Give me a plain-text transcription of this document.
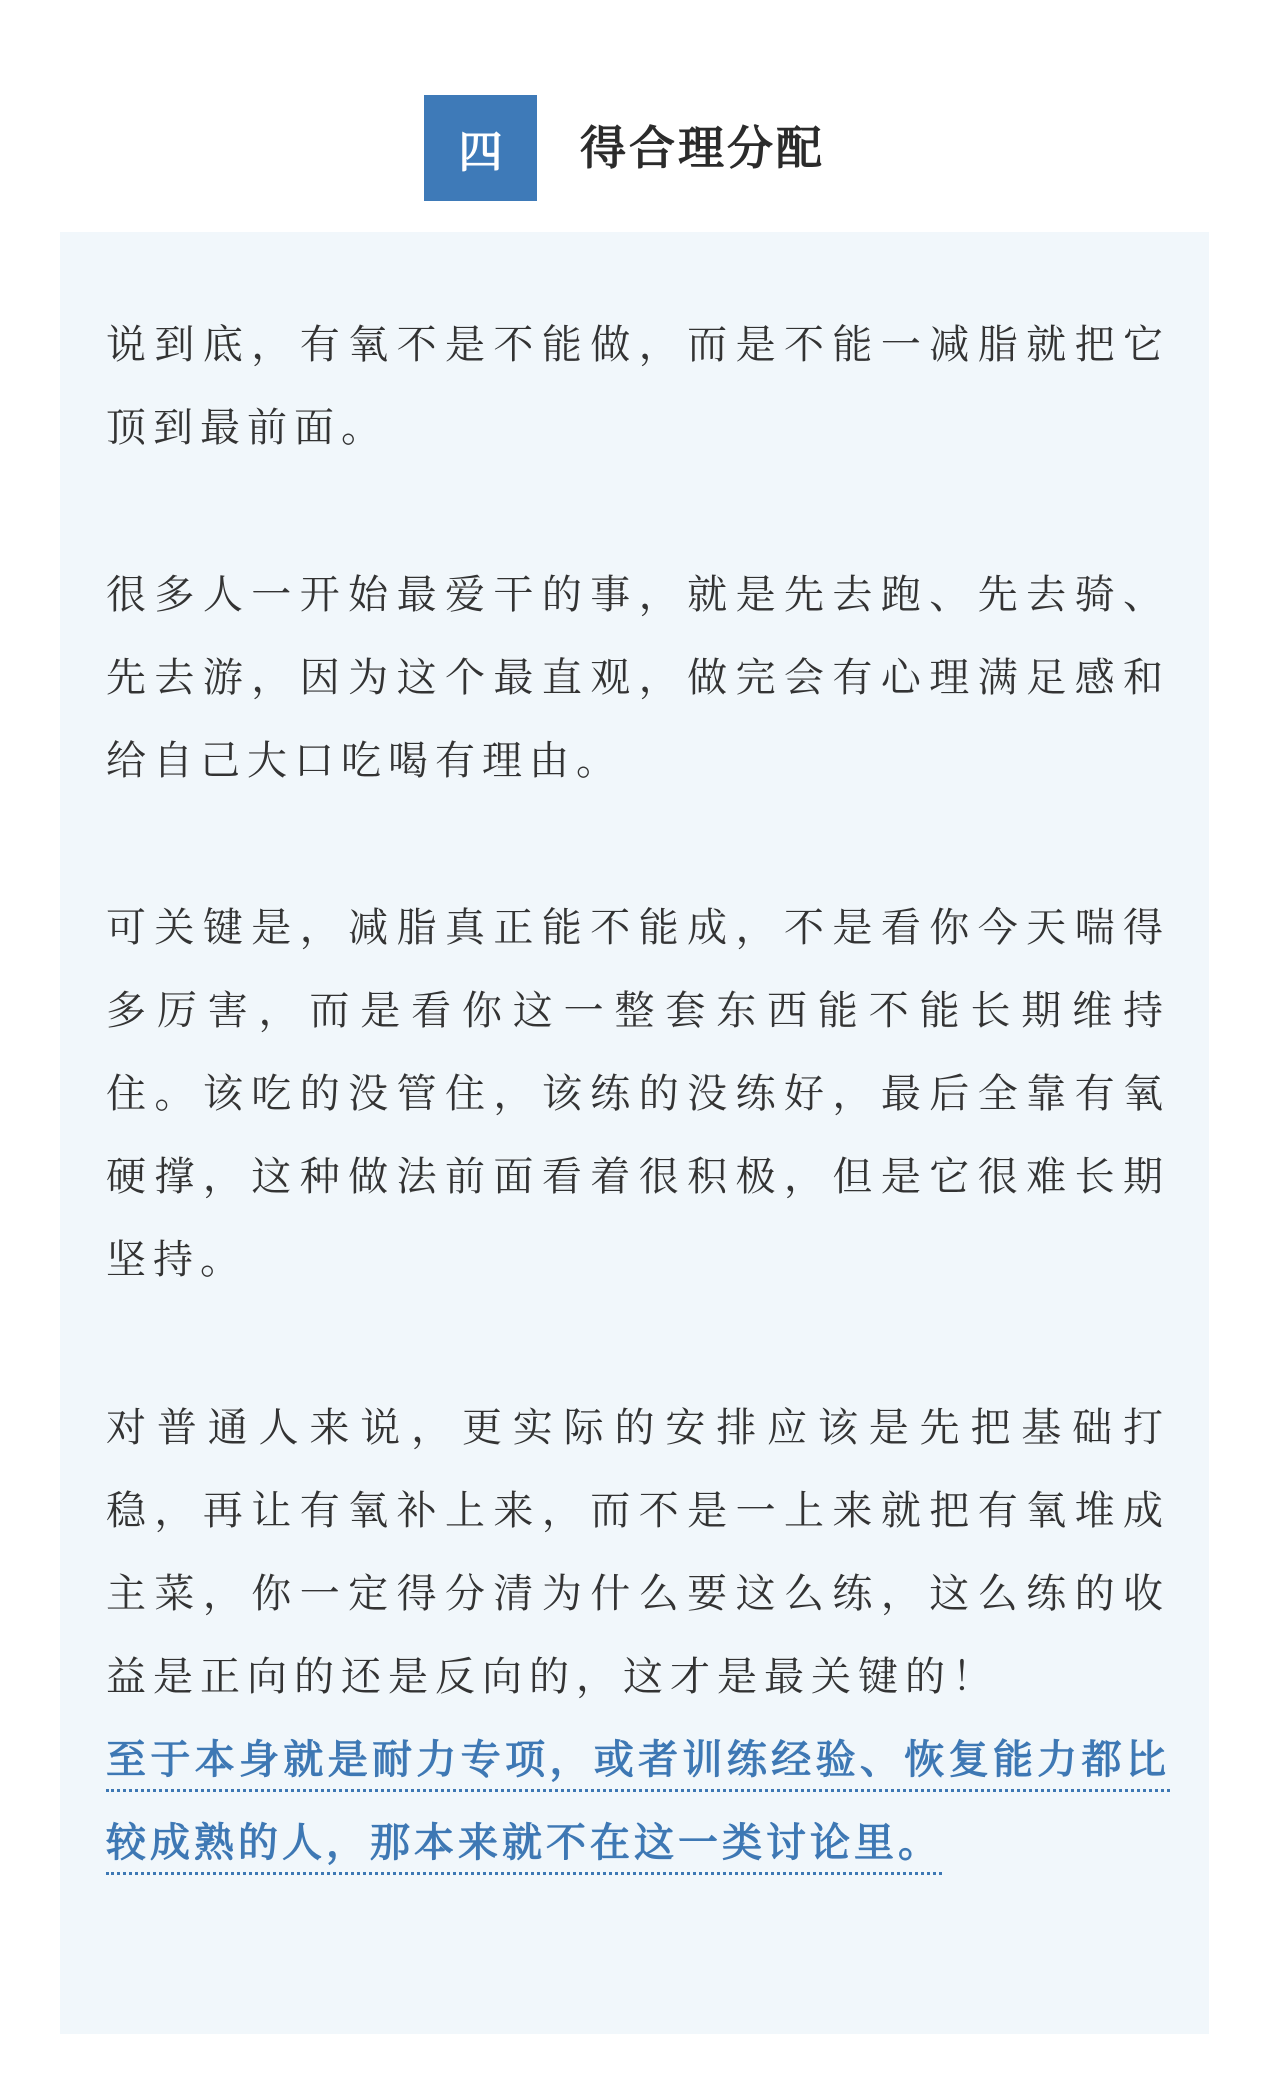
四	得合理分配

说到底，有氧不是不能做，而是不能一减脂就把它顶到最前面。

很多人一开始最爱干的事，就是先去跑、先去骑、先去游，因为这个最直观，做完会有心理满足感和给自己大口吃喝有理由。

可关键是，减脂真正能不能成，不是看你今天喘得多厉害，而是看你这一整套东西能不能长期维持住。该吃的没管住，该练的没练好，最后全靠有氧硬撑，这种做法前面看着很积极，但是它很难长期坚持。

对普通人来说，更实际的安排应该是先把基础打稳，再让有氧补上来，而不是一上来就把有氧堆成主菜，你一定得分清为什么要这么练，这么练的收益是正向的还是反向的，这才是最关键的！

至于本身就是耐力专项，或者训练经验、恢复能力都比较成熟的人，那本来就不在这一类讨论里。
